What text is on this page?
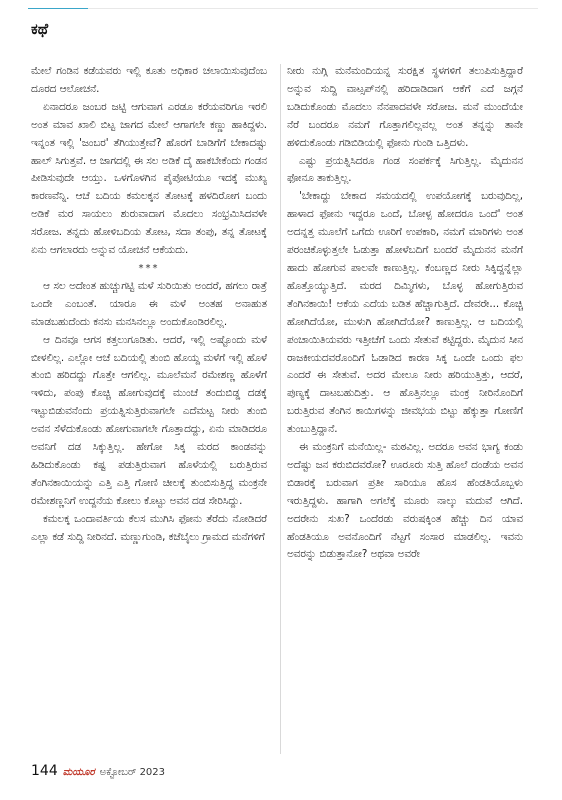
ಕಥೆ

ಮೇಲೆ ಗಂಡಿನ ಕಡೆಯವರು ಇಲ್ಲಿ ಕೂತು ಅಧಿಕಾರ ಚಲಾಯಿಸುವುದೆಂಬ ದೂರದ ಆಲೋಚನೆ.

ಏನಾದರೂ ಜಂಬರ ಜಟ್ಟಿ ಆಗುವಾಗ ಎರಡೂ ಕರೆಯವರಿಗೂ ಇರಲಿ ಅಂತ ಮಾವ ಖಾಲಿ ಬಿಟ್ಟ ಜಾಗದ ಮೇಲೆ ಆಗಾಗಲೇ ಕಣ್ಣು ಹಾಕಿದ್ದಳು. ಇನ್ನಂತ ಇಲ್ಲಿ 'ಜಂಬರ' ತೆಗಿಯುತ್ತೇವೆ? ಹೊರಗೆ ಬಾಡಿಗೆಗೆ ಬೇಕಾದಷ್ಟು ಹಾಲ್ ಸಿಗುತ್ತವೆ. ಆ ಜಾಗದಲ್ಲಿ ಈ ಸಲ ಅಡಿಕೆ ದೈ ಹಾಕಬೇಕೆಂದು ಗಂಡನ ಪೀಡಿಸುವುದೇ ಆಯ್ತು. ಒಳಗೊಳಗಿನ ಪೈಪೋಟಿಯೂ ಇದಕ್ಕೆ ಮುಖ್ಯ ಕಾರಣವೆನ್ನಿ. ಆಚೆ ಬದಿಯ ಕಮಲಕ್ಕನ ತೋಟಕ್ಕೆ ಹಳದಿರೋಗ ಬಂದು ಅಡಿಕೆ ಮರ ಸಾಯಲು ಶುರುವಾದಾಗ ಮೊದಲು ಸಂಭ್ರಮಿಸಿದವಳೇ ಸರೋಜ. ತನ್ನದು ಹೋಳಿಬದಿಯ ತೋಟ, ಸದಾ ತಂಪು, ತನ್ನ ತೋಟಕ್ಕೆ ಏನು ಆಗಲಾರದು ಅನ್ನುವ ಯೋಚನೆ ಆಕೆಯದು.

***

ಆ ಸಲ ಅದೇಂತ ಹುಚ್ಚುಗಟ್ಟಿ ಮಳೆ ಸುರಿಯಿತು ಅಂದರೆ, ಹಗಲು ರಾತ್ರೆ ಒಂದೇ ಎಂಬಂತೆ. ಯಾರೂ ಈ ಮಳೆ ಅಂತಹ ಅನಾಹುತ ಮಾಡಬಹುದೆಂದು ಕನಸು ಮನಸಿನಲ್ಲೂ ಅಂದುಕೊಂಡಿರಲಿಲ್ಲ.

ಆ ದಿನವೂ ಆಗಸ ಕತ್ತಲುಗೂಡಿತು. ಆದರೆ, ಇಲ್ಲಿ ಅಷ್ಟೊಂದು ಮಳೆ ಬೀಳಲಿಲ್ಲ. ಎಲ್ಲೋ ಆಚೆ ಬದಿಯಲ್ಲಿ ತುಂಬಿ ಹೊಯ್ದ ಮಳೆಗೆ ಇಲ್ಲಿ ಹೊಳೆ ತುಂಬಿ ಹರಿದದ್ದು ಗೊತ್ತೇ ಆಗಲಿಲ್ಲ. ಮೂಲೆಮನೆ ರಮೇಶಣ್ಣ ಹೊಳೆಗೆ ಇಳಿದು, ಪಂಪು ಕೊಚ್ಚಿ ಹೋಗುವುದಕ್ಕೆ ಮುಂಚೆ ತಂದುಬಿಡ್ಡ ದಡಕ್ಕೆ ಇಟ್ಟುಬಿಡುವನೆಂದು ಪ್ರಯತ್ನಿಸುತ್ತಿರುವಾಗಲೇ ಎದೆಮಟ್ಟ ನೀರು ತುಂಬಿ ಅವನ ಸೆಳೆದುಕೊಂಡು ಹೋಗುವಾಗಲೇ ಗೊತ್ತಾದದ್ದು, ಏನು ಮಾಡಿದರೂ ಅವನಿಗೆ ದಡ ಸಿಕ್ಕುತ್ತಿಲ್ಲ. ಹೇಗೋ ಸಿಕ್ಕ ಮರದ ಕಾಂಡವನ್ನು ಹಿಡಿದುಕೊಂಡು ಕಷ್ಟ ಪಡುತ್ತಿರುವಾಗ ಹೊಳೆಯಲ್ಲಿ ಬರುತ್ತಿರುವ ತೆಂಗಿನಕಾಯಿಯನ್ನು ಎತ್ತಿ ಎತ್ತಿ ಗೋಣಿ ಚೀಲಕ್ಕೆ ತುಂಬಿಸುತ್ತಿದ್ದ ಮಂಕ್ರನೇ ರಮೇಶಣ್ಣನಿಗೆ ಉದ್ದನೆಯ ಕೋಲು ಕೊಟ್ಟು ಅವನ ದಡ ಸೇರಿಸಿದ್ದು.

ಕಮಲಕ್ಕ ಒಂದಾವರ್ತಿಯ ಕೆಲಸ ಮುಗಿಸಿ ಫೋನು ತೆರೆದು ನೋಡಿದರೆ ಎಲ್ಲಾ ಕಡೆ ಸುದ್ದಿ ನೀರಿನದೆ. ಮಣ್ಣುಗುಂಡಿ, ಕಜೆಬೈಲು ಗ್ರಾಮದ ಮನೆಗಳಿಗೆ

ನೀರು ನುಗ್ಗಿ ಮನೆಮಂದಿಯನ್ನ ಸುರಕ್ಷಿತ ಸ್ಥಳಗಳಿಗೆ ತಲುಪಿಸುತ್ತಿದ್ದಾರೆ ಅನ್ನುವ ಸುದ್ದಿ ವಾಟ್ಸಪ್‌ನಲ್ಲಿ ಹರಿದಾಡಿದಾಗ ಆಕೆಗೆ ಎದೆ ಜಗ್ಗನೆ ಬಡಿದುಕೊಂಡು ಮೊದಲು ನೆನಪಾದವಳೇ ಸರೋಜ. ಮನೆ ಮುಂದೆಯೇ ನೆರೆ ಬಂದರೂ ನಮಗೆ ಗೊತ್ತಾಗಲಿಲ್ಲವಲ್ಲ ಅಂತ ತನ್ನನ್ನು ತಾನೇ ಹಳಿದುಕೊಂಡು ಗಡಿಬಿಡಿಯಲ್ಲಿ ಫೋನು ಗುಂಡಿ ಒತ್ತಿದಳು.

ಎಷ್ಟು ಪ್ರಯತ್ನಿಸಿದರೂ ಗಂಡ ಸಂಪರ್ಕಕ್ಕೆ ಸಿಗುತ್ತಿಲ್ಲ. ಮೈದುನನ ಫೋನೂ ತಾಕುತ್ತಿಲ್ಲ.

'ಬೇಕಾದ್ದು ಬೇಕಾದ ಸಮಯದಲ್ಲಿ ಉಪಯೋಗಕ್ಕೆ ಬರುವುದಿಲ್ಲ, ಹಾಳಾದ ಫೋನು ಇದ್ದರೂ ಒಂದೆ, ಬೋಳ್ಪ ಹೋದರೂ ಒಂದೆ' ಅಂತ ಅದನ್ನತ್ತ ಮೂಲೆಗೆ ಒಗೆದು ಊರಿಗೆ ಉಪಕಾರಿ, ನಮಗೆ ಮಾರಿಗಳು ಅಂತ ಪರಂಚಿಕೊಳ್ಳುತ್ತಲೇ ಓಡುತ್ತಾ ಹೋಳೆಬದಿಗೆ ಬಂದರೆ ಮೈದುನನ ಮನೆಗೆ ಹಾದು ಹೋಗುವ ಪಾಲವೇ ಕಾಣುತ್ತಿಲ್ಲ. ಕೆಂಬಣ್ಣದ ನೀರು ಸಿಕ್ಕಿದ್ದನ್ನೆಲ್ಲಾ ಹೊತ್ತೊಯ್ಯುತ್ತಿದೆ. ಮರದ ದಿಮ್ಮಿಗಳು, ಬೊಳ್ಳ ಹೋಗುತ್ತಿರುವ ತೆಂಗಿನಕಾಯಿ! ಅಕೆಯ ಎದೆಯ ಬಡಿತ ಹೆಚ್ಚಾಗುತ್ತಿದೆ. ದೇವರೇ... ಕೊಚ್ಚಿ ಹೋಗಿದೆಯೋ, ಮುಳುಗಿ ಹೋಗಿದೆಯೋ? ಕಾಣುತ್ತಿಲ್ಲ. ಆ ಬದಿಯಲ್ಲಿ ಪಂಚಾಯಿತಿಯವರು ಇತ್ತೀಚೆಗೆ ಒಂದು ಸೇತುವೆ ಕಟ್ಟಿದ್ದರು. ಮೈದುನ ಸೀನ ರಾಜಕೀಯದವರೊಂದಿಗೆ ಓಡಾಡಿದ ಕಾರಣ ಸಿಕ್ಕ ಒಂದೇ ಒಂದು ಫಲ ಎಂದರೆ ಈ ಸೇತುವೆ. ಅದರ ಮೇಲೂ ನೀರು ಹರಿಯುತ್ತಿತ್ತು, ಆದರೆ, ಪುಣ್ಯಕ್ಕೆ ದಾಟಬಹುದಿತ್ತು. ಆ ಹೊತ್ತಿನಲ್ಲೂ ಮಂಕ್ರ ನೀರಿನೊಂದಿಗೆ ಬರುತ್ತಿರುವ ತೆಂಗಿನ ಕಾಯಿಗಳನ್ನು ಜೀವಭಯ ಬಿಟ್ಟು ಹೆಕ್ಕುತ್ತಾ ಗೋಣಿಗೆ ತುಂಬುತ್ತಿದ್ದಾನೆ.

ಈ ಮಂಕ್ರನಿಗೆ ಮನೆಯಿಲ್ಲ- ಮಠವಿಲ್ಲ. ಅದರೂ ಅವನ ಭಾಗ್ಯ ಕಂಡು ಅದೆಷ್ಟು ಜನ ಕರುಬಿದವರೋ? ಊರೂರು ಸುತ್ತಿ ಹೊಲೆ ದಂಡೆಯ ಅವನ ಬಿಡಾರಕ್ಕೆ ಬರುವಾಗ ಪ್ರತೀ ಸಾರಿಯೂ ಹೊಸ ಹೆಂಡತಿಯೊಬ್ಬಳು ಇರುತ್ತಿದ್ದಳು. ಹಾಗಾಗಿ ಅಗಲೆಕ್ಕೆ ಮೂರು ನಾಲ್ಕು ಮದುವೆ ಆಗಿದೆ. ಅದರೇನು ಸುಖ? ಒಂದೆರಡು ವರುಷಕ್ಕಿಂತ ಹೆಚ್ಚು ದಿನ ಯಾವ ಹೆಂಡತಿಯೂ ಅವನೊಂದಿಗೆ ನೆಟ್ಟಗೆ ಸಂಸಾರ ಮಾಡಲಿಲ್ಲ. ಇವನು ಅವರನ್ನು ಬಿಡುತ್ತಾನೋ? ಅಥವಾ ಅವರೇ

144 ಮಯೂರ ಅಕ್ಟೋಬರ್ 2023
